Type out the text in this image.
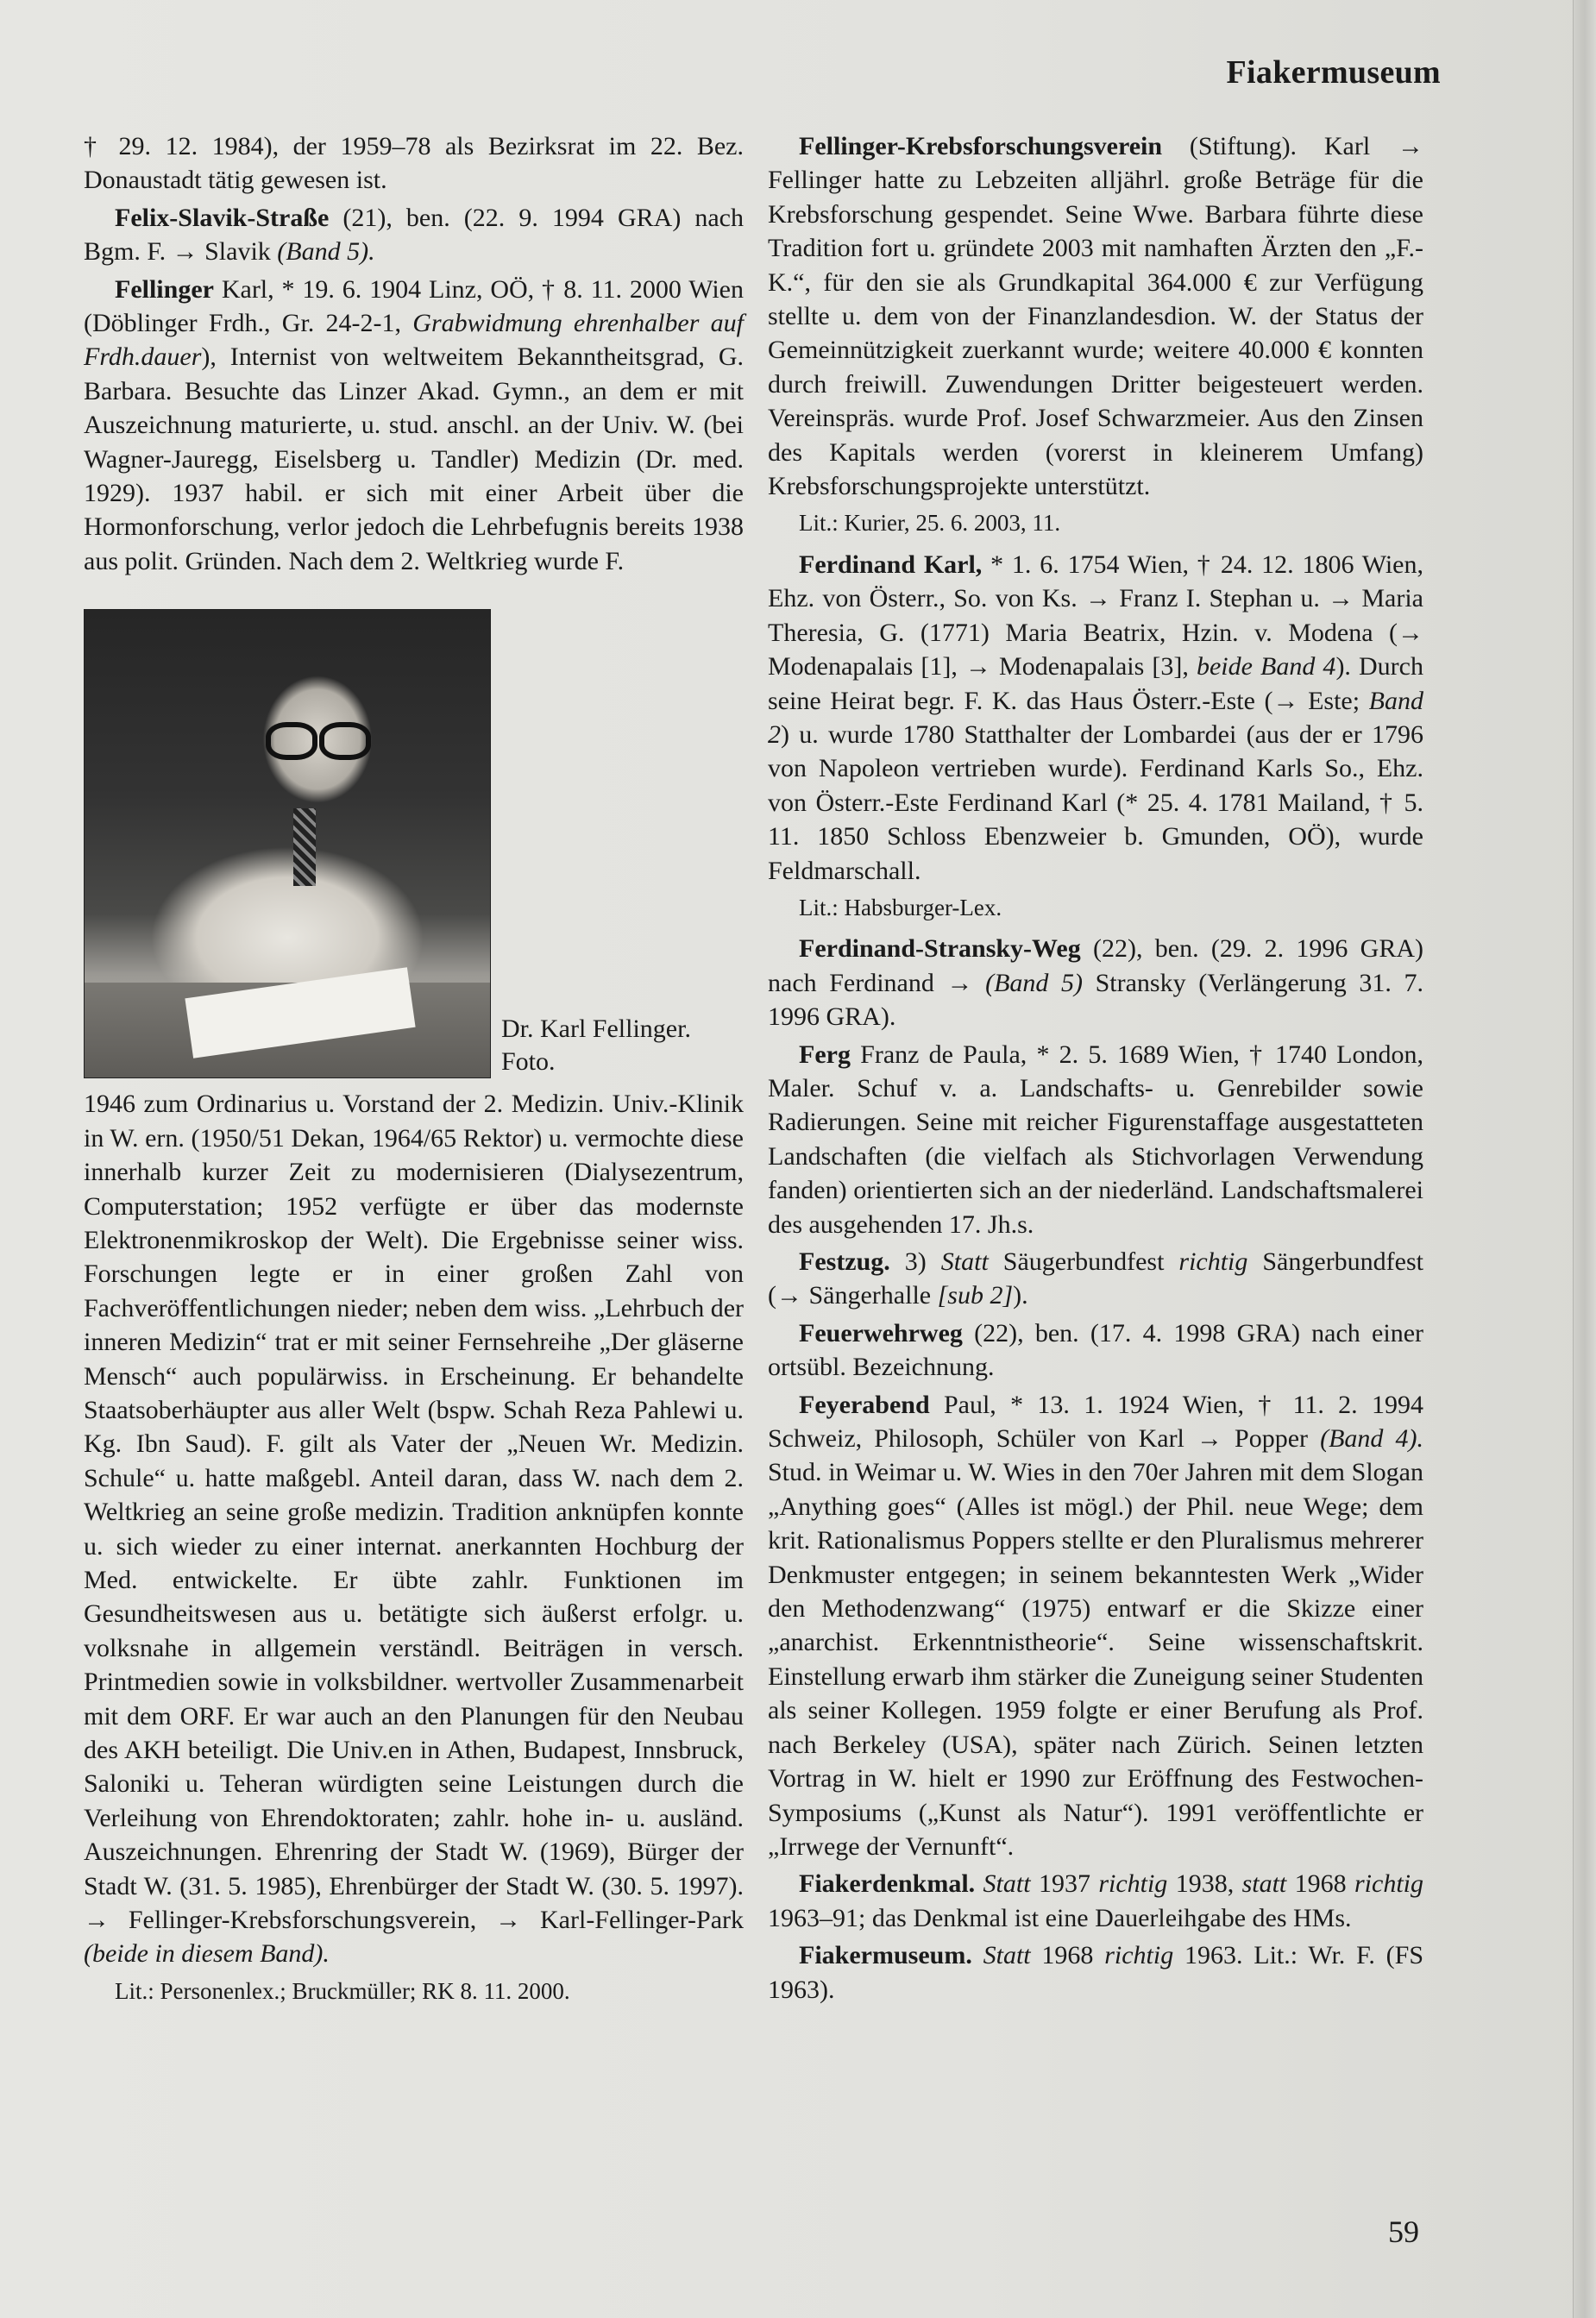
Fiakermuseum

† 29. 12. 1984), der 1959–78 als Bezirksrat im 22. Bez. Donaustadt tätig gewesen ist.

Felix-Slavik-Straße (21), ben. (22. 9. 1994 GRA) nach Bgm. F. → Slavik (Band 5).

Fellinger Karl, * 19. 6. 1904 Linz, OÖ, † 8. 11. 2000 Wien (Döblinger Frdh., Gr. 24-2-1, Grabwidmung ehrenhalber auf Frdh.dauer), Internist von weltweitem Bekanntheitsgrad, G. Barbara. Besuchte das Linzer Akad. Gymn., an dem er mit Auszeichnung maturierte, u. stud. anschl. an der Univ. W. (bei Wagner-Jauregg, Eiselsberg u. Tandler) Medizin (Dr. med. 1929). 1937 habil. er sich mit einer Arbeit über die Hormonforschung, verlor jedoch die Lehrbefugnis bereits 1938 aus polit. Gründen. Nach dem 2. Weltkrieg wurde F.

Dr. Karl Fellinger. Foto.

1946 zum Ordinarius u. Vorstand der 2. Medizin. Univ.-Klinik in W. ern. (1950/51 Dekan, 1964/65 Rektor) u. vermochte diese innerhalb kurzer Zeit zu modernisieren (Dialysezentrum, Computerstation; 1952 verfügte er über das modernste Elektronenmikroskop der Welt). Die Ergebnisse seiner wiss. Forschungen legte er in einer großen Zahl von Fachveröffentlichungen nieder; neben dem wiss. „Lehrbuch der inneren Medizin“ trat er mit seiner Fernsehreihe „Der gläserne Mensch“ auch populärwiss. in Erscheinung. Er behandelte Staatsoberhäupter aus aller Welt (bspw. Schah Reza Pahlewi u. Kg. Ibn Saud). F. gilt als Vater der „Neuen Wr. Medizin. Schule“ u. hatte maßgebl. Anteil daran, dass W. nach dem 2. Weltkrieg an seine große medizin. Tradition anknüpfen konnte u. sich wieder zu einer internat. anerkannten Hochburg der Med. entwickelte. Er übte zahlr. Funktionen im Gesundheitswesen aus u. betätigte sich äußerst erfolgr. u. volksnahe in allgemein verständl. Beiträgen in versch. Printmedien sowie in volksbildner. wertvoller Zusammenarbeit mit dem ORF. Er war auch an den Planungen für den Neubau des AKH beteiligt. Die Univ.en in Athen, Budapest, Innsbruck, Saloniki u. Teheran würdigten seine Leistungen durch die Verleihung von Ehrendoktoraten; zahlr. hohe in- u. ausländ. Auszeichnungen. Ehrenring der Stadt W. (1969), Bürger der Stadt W. (31. 5. 1985), Ehrenbürger der Stadt W. (30. 5. 1997). → Fellinger-Krebsforschungsverein, → Karl-Fellinger-Park (beide in diesem Band).

Lit.: Personenlex.; Bruckmüller; RK 8. 11. 2000.

Fellinger-Krebsforschungsverein (Stiftung). Karl → Fellinger hatte zu Lebzeiten alljährl. große Beträge für die Krebsforschung gespendet. Seine Wwe. Barbara führte diese Tradition fort u. gründete 2003 mit namhaften Ärzten den „F.-K.“, für den sie als Grundkapital 364.000 € zur Verfügung stellte u. dem von der Finanzlandesdion. W. der Status der Gemeinnützigkeit zuerkannt wurde; weitere 40.000 € konnten durch freiwill. Zuwendungen Dritter beigesteuert werden. Vereinspräs. wurde Prof. Josef Schwarzmeier. Aus den Zinsen des Kapitals werden (vorerst in kleinerem Umfang) Krebsforschungsprojekte unterstützt.

Lit.: Kurier, 25. 6. 2003, 11.

Ferdinand Karl, * 1. 6. 1754 Wien, † 24. 12. 1806 Wien, Ehz. von Österr., So. von Ks. → Franz I. Stephan u. → Maria Theresia, G. (1771) Maria Beatrix, Hzin. v. Modena (→ Modenapalais [1], → Modenapalais [3], beide Band 4). Durch seine Heirat begr. F. K. das Haus Österr.-Este (→ Este; Band 2) u. wurde 1780 Statthalter der Lombardei (aus der er 1796 von Napoleon vertrieben wurde). Ferdinand Karls So., Ehz. von Österr.-Este Ferdinand Karl (* 25. 4. 1781 Mailand, † 5. 11. 1850 Schloss Ebenzweier b. Gmunden, OÖ), wurde Feldmarschall.

Lit.: Habsburger-Lex.

Ferdinand-Stransky-Weg (22), ben. (29. 2. 1996 GRA) nach Ferdinand → (Band 5) Stransky (Verlängerung 31. 7. 1996 GRA).

Ferg Franz de Paula, * 2. 5. 1689 Wien, † 1740 London, Maler. Schuf v. a. Landschafts- u. Genrebilder sowie Radierungen. Seine mit reicher Figurenstaffage ausgestatteten Landschaften (die vielfach als Stichvorlagen Verwendung fanden) orientierten sich an der niederländ. Landschaftsmalerei des ausgehenden 17. Jh.s.

Festzug. 3) Statt Säugerbundfest richtig Sängerbundfest (→ Sängerhalle [sub 2]).

Feuerwehrweg (22), ben. (17. 4. 1998 GRA) nach einer ortsübl. Bezeichnung.

Feyerabend Paul, * 13. 1. 1924 Wien, † 11. 2. 1994 Schweiz, Philosoph, Schüler von Karl → Popper (Band 4). Stud. in Weimar u. W. Wies in den 70er Jahren mit dem Slogan „Anything goes“ (Alles ist mögl.) der Phil. neue Wege; dem krit. Rationalismus Poppers stellte er den Pluralismus mehrerer Denkmuster entgegen; in seinem bekanntesten Werk „Wider den Methodenzwang“ (1975) entwarf er die Skizze einer „anarchist. Erkenntnistheorie“. Seine wissenschaftskrit. Einstellung erwarb ihm stärker die Zuneigung seiner Studenten als seiner Kollegen. 1959 folgte er einer Berufung als Prof. nach Berkeley (USA), später nach Zürich. Seinen letzten Vortrag in W. hielt er 1990 zur Eröffnung des Festwochen-Symposiums („Kunst als Natur“). 1991 veröffentlichte er „Irrwege der Vernunft“.

Fiakerdenkmal. Statt 1937 richtig 1938, statt 1968 richtig 1963–91; das Denkmal ist eine Dauerleihgabe des HMs.

Fiakermuseum. Statt 1968 richtig 1963. Lit.: Wr. F. (FS 1963).

59
